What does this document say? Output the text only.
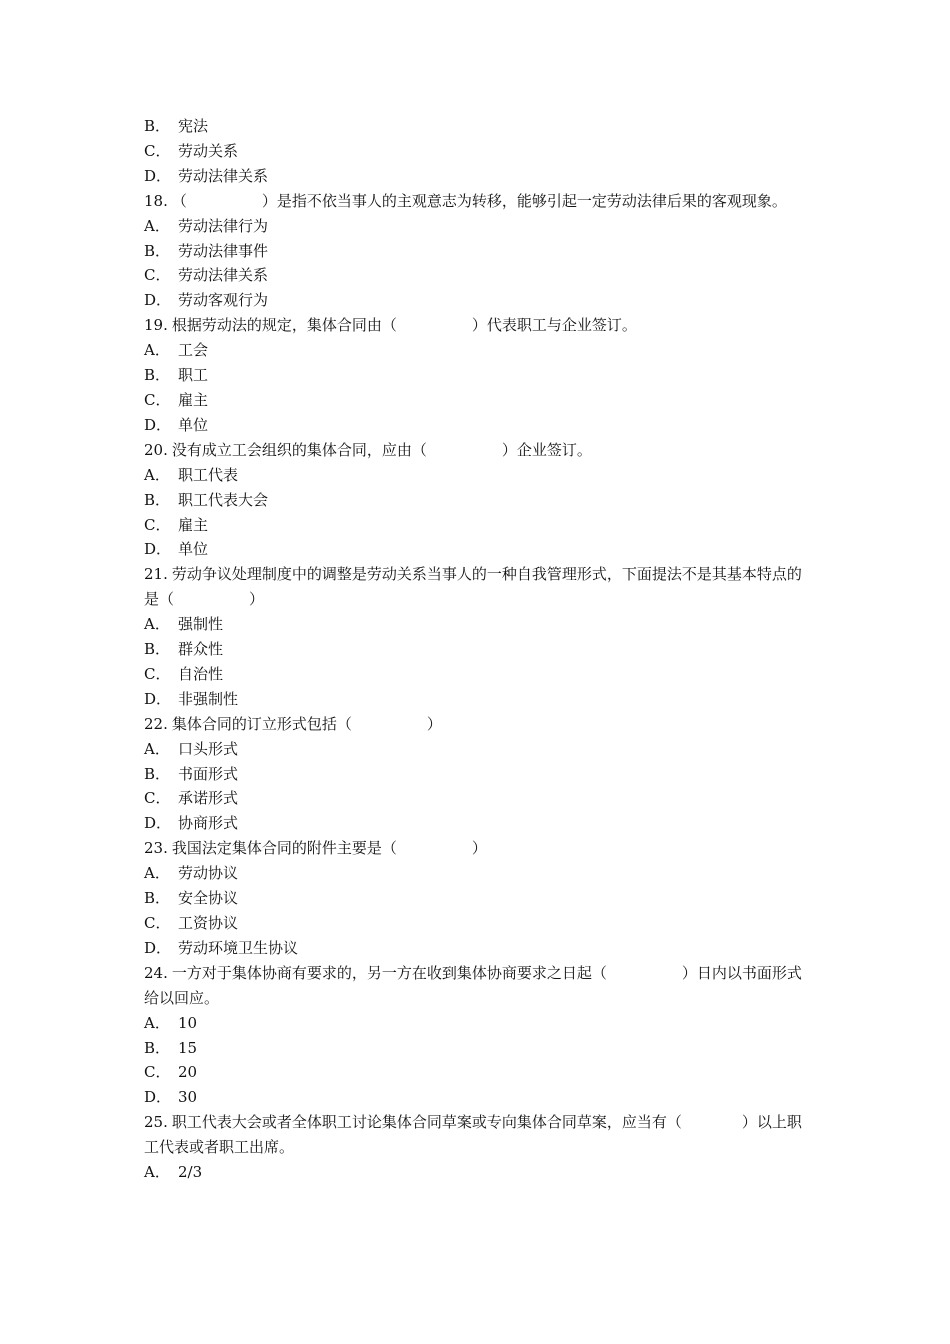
B． 宪法
C． 劳动关系
D． 劳动法律关系
18. （　　　　　）是指不依当事人的主观意志为转移，能够引起一定劳动法律后果的客观现象。
A． 劳动法律行为
B． 劳动法律事件
C． 劳动法律关系
D． 劳动客观行为
19. 根据劳动法的规定，集体合同由（　　　　　）代表职工与企业签订。
A． 工会
B． 职工
C． 雇主
D． 单位
20. 没有成立工会组织的集体合同，应由（　　　　　）企业签订。
A． 职工代表
B． 职工代表大会
C． 雇主
D． 单位
21. 劳动争议处理制度中的调整是劳动关系当事人的一种自我管理形式，下面提法不是其基本特点的是（　　　　　）
A． 强制性
B． 群众性
C． 自治性
D． 非强制性
22. 集体合同的订立形式包括（　　　　　）
A． 口头形式
B． 书面形式
C． 承诺形式
D． 协商形式
23. 我国法定集体合同的附件主要是（　　　　　）
A． 劳动协议
B． 安全协议
C． 工资协议
D． 劳动环境卫生协议
24. 一方对于集体协商有要求的，另一方在收到集体协商要求之日起（　　　　　）日内以书面形式给以回应。
A． 10
B． 15
C． 20
D． 30
25. 职工代表大会或者全体职工讨论集体合同草案或专向集体合同草案，应当有（　　　　）以上职工代表或者职工出席。
A． 2/3
